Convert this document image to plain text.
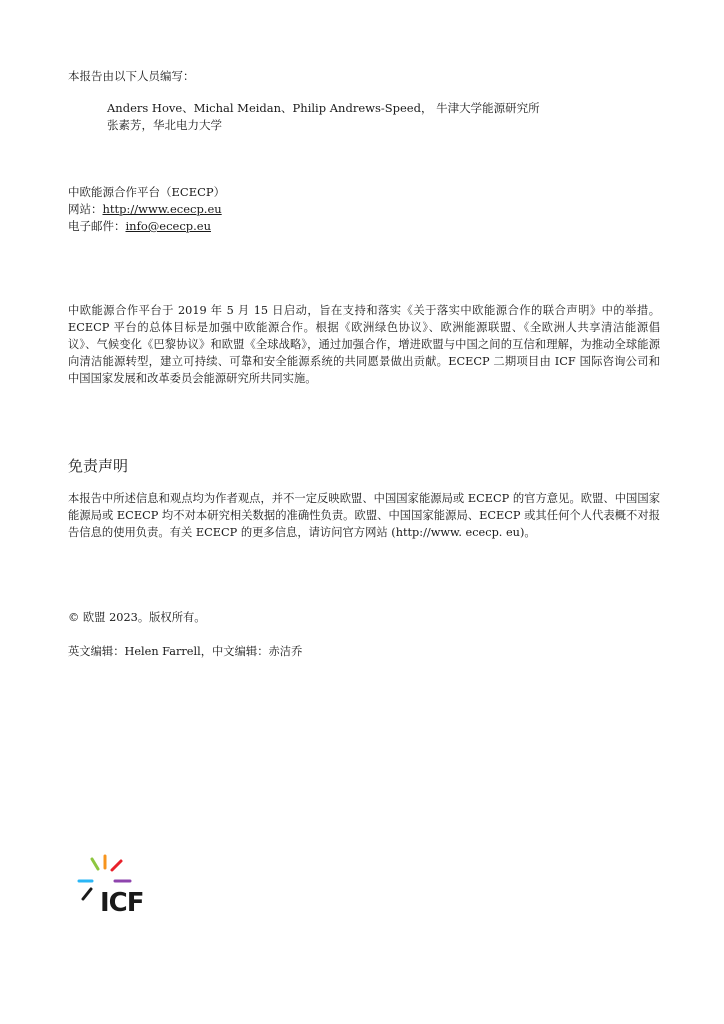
本报告由以下人员编写：
Anders Hove、Michal Meidan、Philip Andrews-Speed， 牛津大学能源研究所
张素芳，华北电力大学
中欧能源合作平台（ECECP）
网站：http://www.ececp.eu
电子邮件：info@ececp.eu
中欧能源合作平台于 2019 年 5 月 15 日启动，旨在支持和落实《关于落实中欧能源合作的联合声明》中的举措。ECECP 平台的总体目标是加强中欧能源合作。根据《欧洲绿色协议》、欧洲能源联盟、《全欧洲人共享清洁能源倡议》、气候变化《巴黎协议》和欧盟《全球战略》，通过加强合作，增进欧盟与中国之间的互信和理解，为推动全球能源向清洁能源转型，建立可持续、可靠和安全能源系统的共同愿景做出贡献。ECECP 二期项目由 ICF 国际咨询公司和中国国家发展和改革委员会能源研究所共同实施。
免责声明
本报告中所述信息和观点均为作者观点，并不一定反映欧盟、中国国家能源局或 ECECP 的官方意见。欧盟、中国国家能源局或 ECECP 均不对本研究相关数据的准确性负责。欧盟、中国国家能源局、ECECP 或其任何个人代表概不对报告信息的使用负责。有关 ECECP 的更多信息，请访问官方网站 (http://www. ececp. eu)。
© 欧盟 2023。版权所有。
英文编辑：Helen Farrell，中文编辑：赤洁乔
ICF
